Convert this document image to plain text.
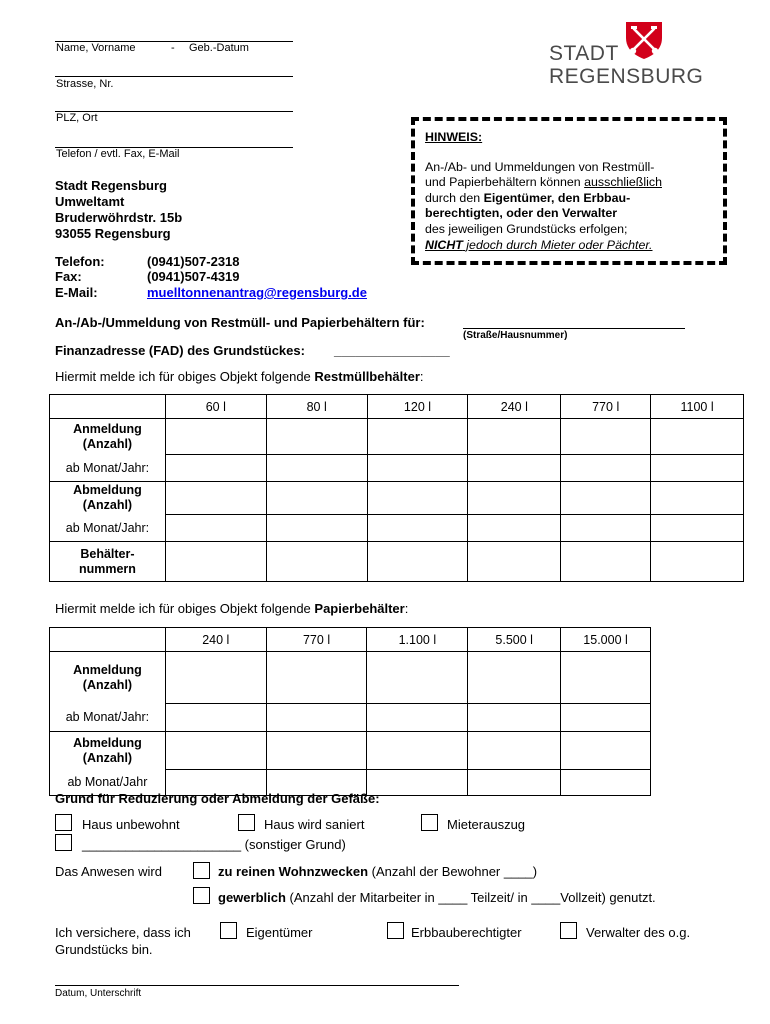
Name, Vorname	- Geb.-Datum
Strasse, Nr.
PLZ, Ort
Telefon / evtl. Fax, E-Mail
STADT
REGENSBURG
Stadt Regensburg
Umweltamt
Bruderwöhrdstr. 15b
93055 Regensburg
Telefon:	(0941)507-2318
Fax:	(0941)507-4319
E-Mail:	muelltonnenantrag@regensburg.de
HINWEIS:
An-/Ab- und Ummeldungen von Restmüll-
und Papierbehältern können ausschließlich
durch den Eigentümer, den Erbbau-
berechtigten, oder den Verwalter
des jeweiligen Grundstücks erfolgen;
NICHT jedoch durch Mieter oder Pächter.
An-/Ab-/Ummeldung von Restmüll- und Papierbehältern für:
(Straße/Hausnummer)
Finanzadresse (FAD) des Grundstückes: ________________
Hiermit melde ich für obiges Objekt folgende Restmüllbehälter:
	60 l	80 l	120 l	240 l	770 l	1100 l

Anmeldung
(Anzahl)						

ab Monat/Jahr:						

Abmeldung
(Anzahl)						

ab Monat/Jahr:						

Behälter-
nummern						

Hiermit melde ich für obiges Objekt folgende Papierbehälter:
	240 l	770 l	1.100 l	5.500 l	15.000 l

Anmeldung
(Anzahl)					

ab Monat/Jahr:					

Abmeldung
(Anzahl)					

ab Monat/Jahr					
Grund für Reduzierung oder Abmeldung der Gefäße:
Haus unbewohnt	Haus wird saniert	Mieterauszug
______________________ (sonstiger Grund)
Das Anwesen wird	zu reinen Wohnzwecken (Anzahl der Bewohner ____)
gewerblich (Anzahl der Mitarbeiter in ____ Teilzeit/ in ____Vollzeit) genutzt.
Ich versichere, dass ich
Grundstücks bin.
Eigentümer	Erbbauberechtigter	Verwalter des o.g.
Datum, Unterschrift
